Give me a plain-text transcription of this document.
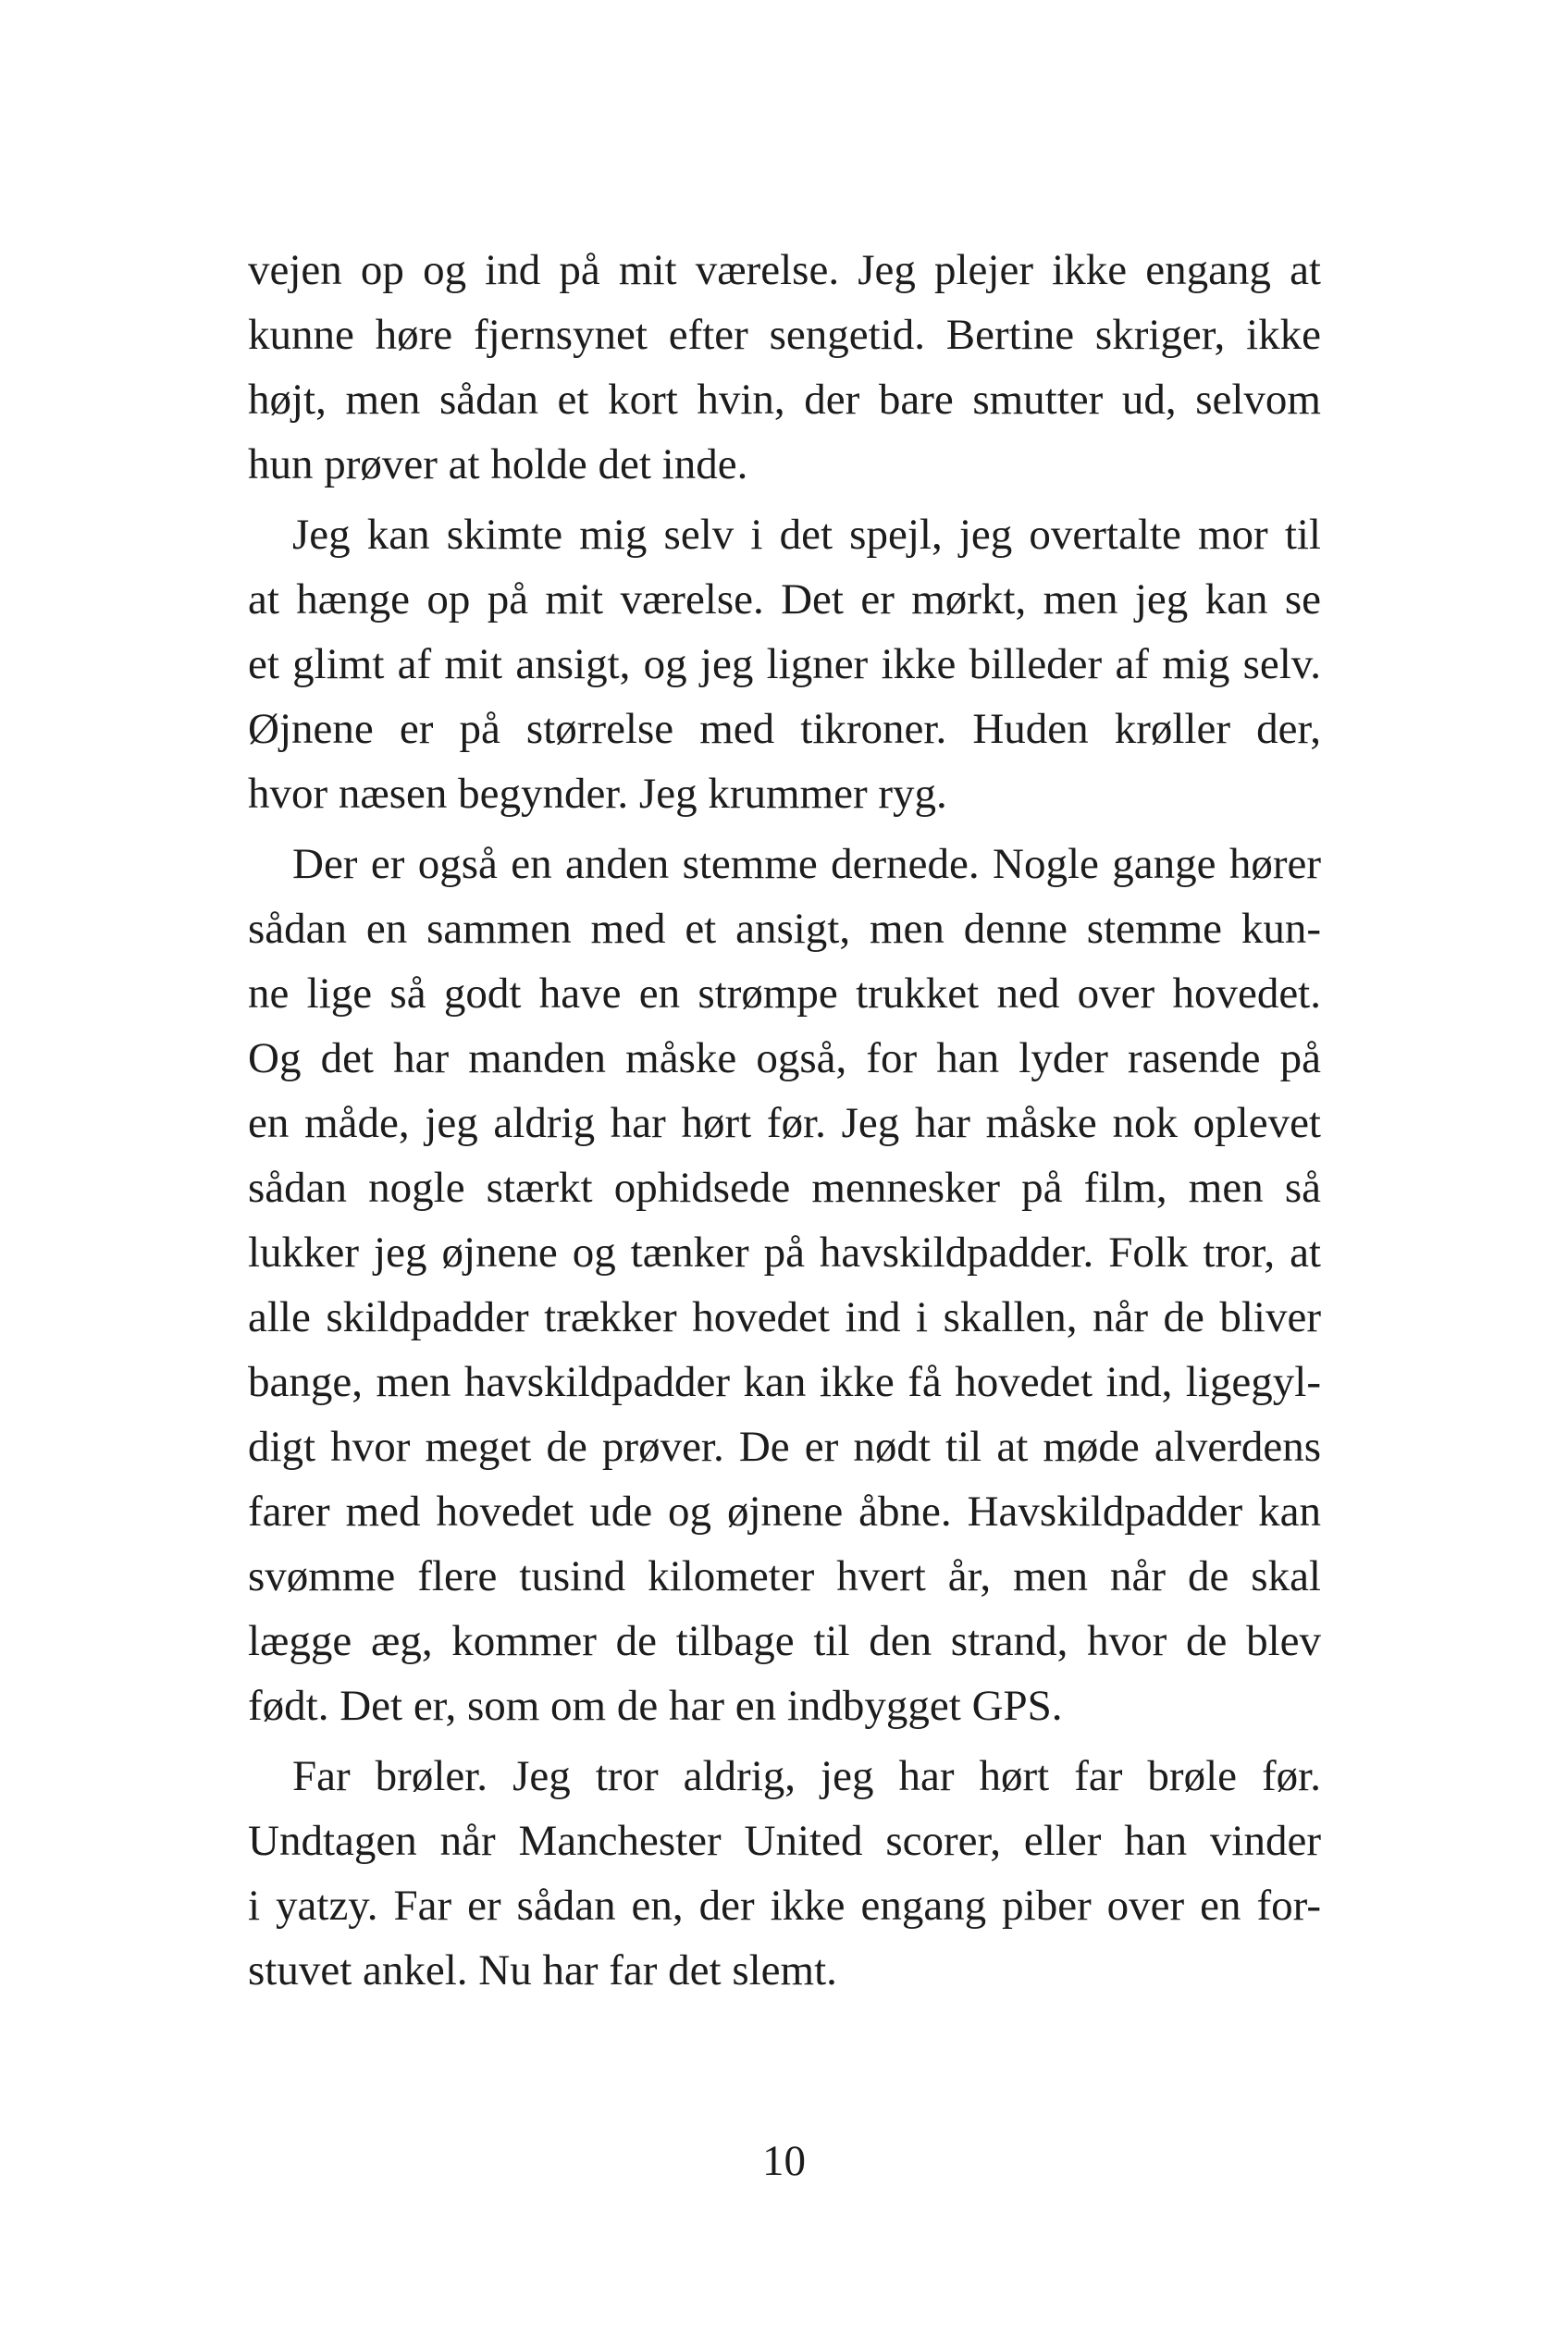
vejen op og ind på mit værelse. Jeg plejer ikke engang at
kunne høre fjernsynet efter sengetid. Bertine skriger, ikke
højt, men sådan et kort hvin, der bare smutter ud, selvom
hun prøver at holde det inde.

Jeg kan skimte mig selv i det spejl, jeg overtalte mor til
at hænge op på mit værelse. Det er mørkt, men jeg kan se
et glimt af mit ansigt, og jeg ligner ikke billeder af mig selv.
Øjnene er på størrelse med tikroner. Huden krøller der,
hvor næsen begynder. Jeg krummer ryg.

Der er også en anden stemme dernede. Nogle gange hører
sådan en sammen med et ansigt, men denne stemme kun-
ne lige så godt have en strømpe trukket ned over hovedet.
Og det har manden måske også, for han lyder rasende på
en måde, jeg aldrig har hørt før. Jeg har måske nok oplevet
sådan nogle stærkt ophidsede mennesker på film, men så
lukker jeg øjnene og tænker på havskildpadder. Folk tror, at
alle skildpadder trækker hovedet ind i skallen, når de bliver
bange, men havskildpadder kan ikke få hovedet ind, ligegyl-
digt hvor meget de prøver. De er nødt til at møde alverdens
farer med hovedet ude og øjnene åbne. Havskildpadder kan
svømme flere tusind kilometer hvert år, men når de skal
lægge æg, kommer de tilbage til den strand, hvor de blev
født. Det er, som om de har en indbygget GPS.

Far brøler. Jeg tror aldrig, jeg har hørt far brøle før.
Undtagen når Manchester United scorer, eller han vinder
i yatzy. Far er sådan en, der ikke engang piber over en for-
stuvet ankel. Nu har far det slemt.

10
